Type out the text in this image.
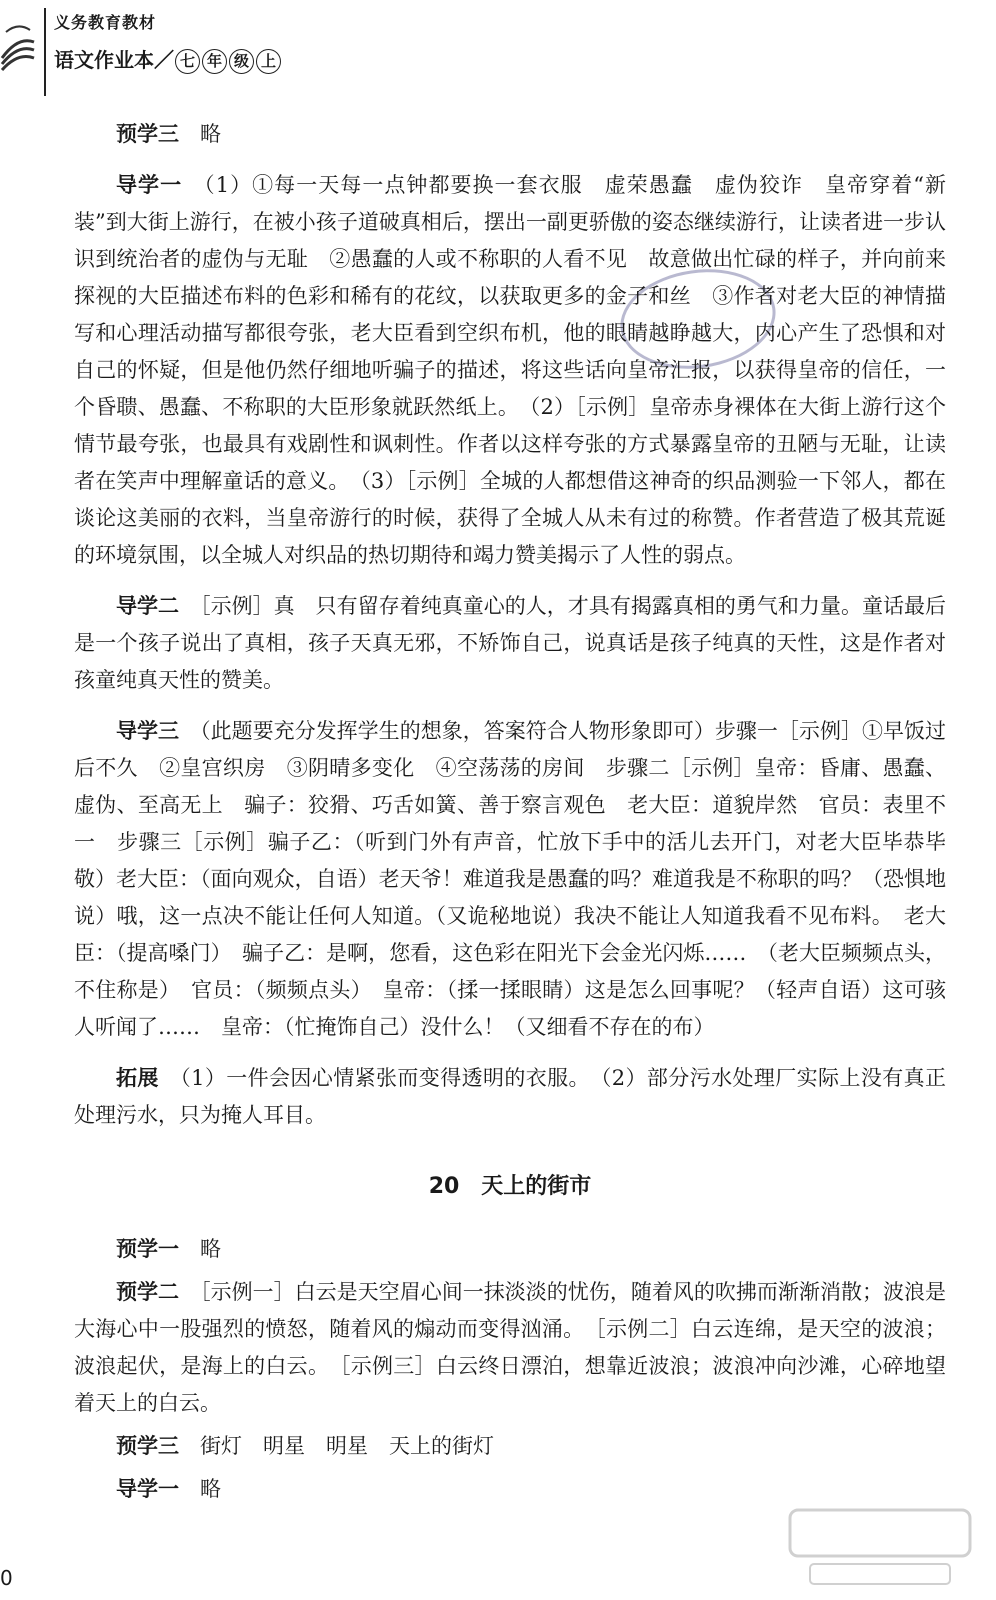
义务教育教材
语文作业本／ 七 年 级 上

预学三　 略

导学一　 （1）①每一天每一点钟都要换一套衣服　虚荣愚蠢　虚伪狡诈　皇帝穿着“新装”到大街上游行，在被小孩子道破真相后，摆出一副更骄傲的姿态继续游行，让读者进一步认识到统治者的虚伪与无耻　②愚蠢的人或不称职的人看不见　故意做出忙碌的样子，并向前来探视的大臣描述布料的色彩和稀有的花纹，以获取更多的金子和丝　③作者对老大臣的神情描写和心理活动描写都很夸张，老大臣看到空织布机，他的眼睛越睁越大，内心产生了恐惧和对自己的怀疑，但是他仍然仔细地听骗子的描述，将这些话向皇帝汇报，以获得皇帝的信任，一个昏聩、愚蠢、不称职的大臣形象就跃然纸上。　（2）［示例］皇帝赤身裸体在大街上游行这个情节最夸张，也最具有戏剧性和讽刺性。作者以这样夸张的方式暴露皇帝的丑陋与无耻，让读者在笑声中理解童话的意义。　（3）［示例］全城的人都想借这神奇的织品测验一下邻人，都在谈论这美丽的衣料，当皇帝游行的时候，获得了全城人从未有过的称赞。作者营造了极其荒诞的环境氛围，以全城人对织品的热切期待和竭力赞美揭示了人性的弱点。

导学二　 ［示例］真　只有留存着纯真童心的人，才具有揭露真相的勇气和力量。童话最后是一个孩子说出了真相，孩子天真无邪，不矫饰自己，说真话是孩子纯真的天性，这是作者对孩童纯真天性的赞美。

导学三　 （此题要充分发挥学生的想象，答案符合人物形象即可）步骤一［示例］①早饭过后不久　②皇宫织房　③阴晴多变化　④空荡荡的房间　步骤二［示例］皇帝：昏庸、愚蠢、虚伪、至高无上　骗子：狡猾、巧舌如簧、善于察言观色　老大臣：道貌岸然　官员：表里不一　步骤三［示例］骗子乙：（听到门外有声音，忙放下手中的活儿去开门，对老大臣毕恭毕敬）老大臣：（面向观众，自语）老天爷！难道我是愚蠢的吗？难道我是不称职的吗？（恐惧地说）哦，这一点决不能让任何人知道。（又诡秘地说）我决不能让人知道我看不见布料。　老大臣：（提高嗓门）　骗子乙：是啊，您看，这色彩在阳光下会金光闪烁……　（老大臣频频点头，不住称是）　官员：（频频点头）　皇帝：（揉一揉眼睛）这是怎么回事呢？（轻声自语）这可骇人听闻了……　皇帝：（忙掩饰自己）没什么！（又细看不存在的布）

拓展　 （1）一件会因心情紧张而变得透明的衣服。　（2）部分污水处理厂实际上没有真正处理污水，只为掩人耳目。

20　天上的街市

预学一　 略

预学二　 ［示例一］白云是天空眉心间一抹淡淡的忧伤，随着风的吹拂而渐渐消散；波浪是大海心中一股强烈的愤怒，随着风的煽动而变得汹涌。　［示例二］白云连绵，是天空的波浪；波浪起伏，是海上的白云。　［示例三］白云终日漂泊，想靠近波浪；波浪冲向沙滩，心碎地望着天上的白云。

预学三　 街灯　明星　明星　天上的街灯

导学一　 略

0
